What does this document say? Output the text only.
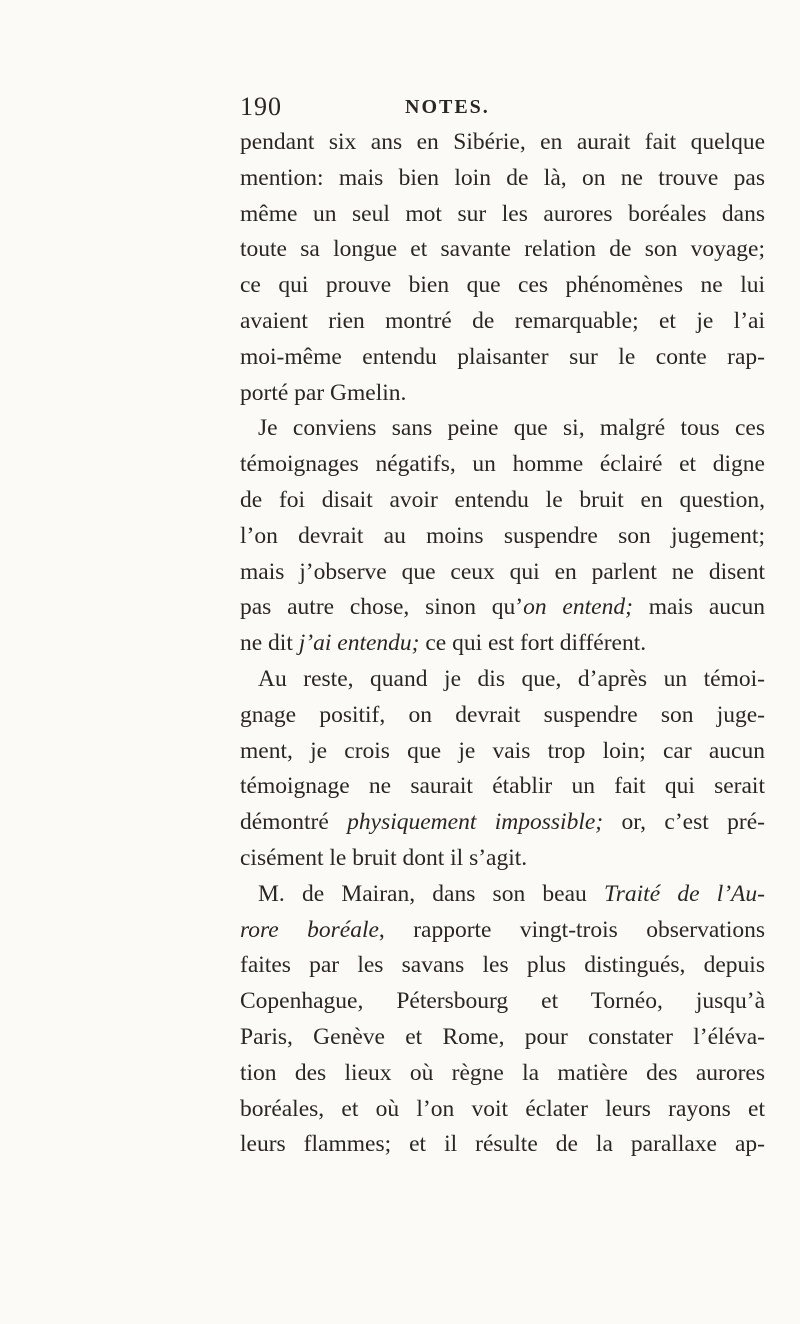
190	NOTES.
pendant six ans en Sibérie, en aurait fait quelque
mention: mais bien loin de là, on ne trouve pas
même un seul mot sur les aurores boréales dans
toute sa longue et savante relation de son voyage;
ce qui prouve bien que ces phénomènes ne lui
avaient rien montré de remarquable; et je l’ai
moi-même entendu plaisanter sur le conte rap-
porté par Gmelin.
Je conviens sans peine que si, malgré tous ces
témoignages négatifs, un homme éclairé et digne
de foi disait avoir entendu le bruit en question,
l’on devrait au moins suspendre son jugement;
mais j’observe que ceux qui en parlent ne disent
pas autre chose, sinon qu’on entend; mais aucun
ne dit j’ai entendu; ce qui est fort différent.
Au reste, quand je dis que, d’après un témoi-
gnage positif, on devrait suspendre son juge-
ment, je crois que je vais trop loin; car aucun
témoignage ne saurait établir un fait qui serait
démontré physiquement impossible; or, c’est pré-
cisément le bruit dont il s’agit.
M. de Mairan, dans son beau Traité de l’Au-
rore boréale, rapporte vingt-trois observations
faites par les savans les plus distingués, depuis
Copenhague, Pétersbourg et Tornéo, jusqu’à
Paris, Genève et Rome, pour constater l’éléva-
tion des lieux où règne la matière des aurores
boréales, et où l’on voit éclater leurs rayons et
leurs flammes; et il résulte de la parallaxe ap-
